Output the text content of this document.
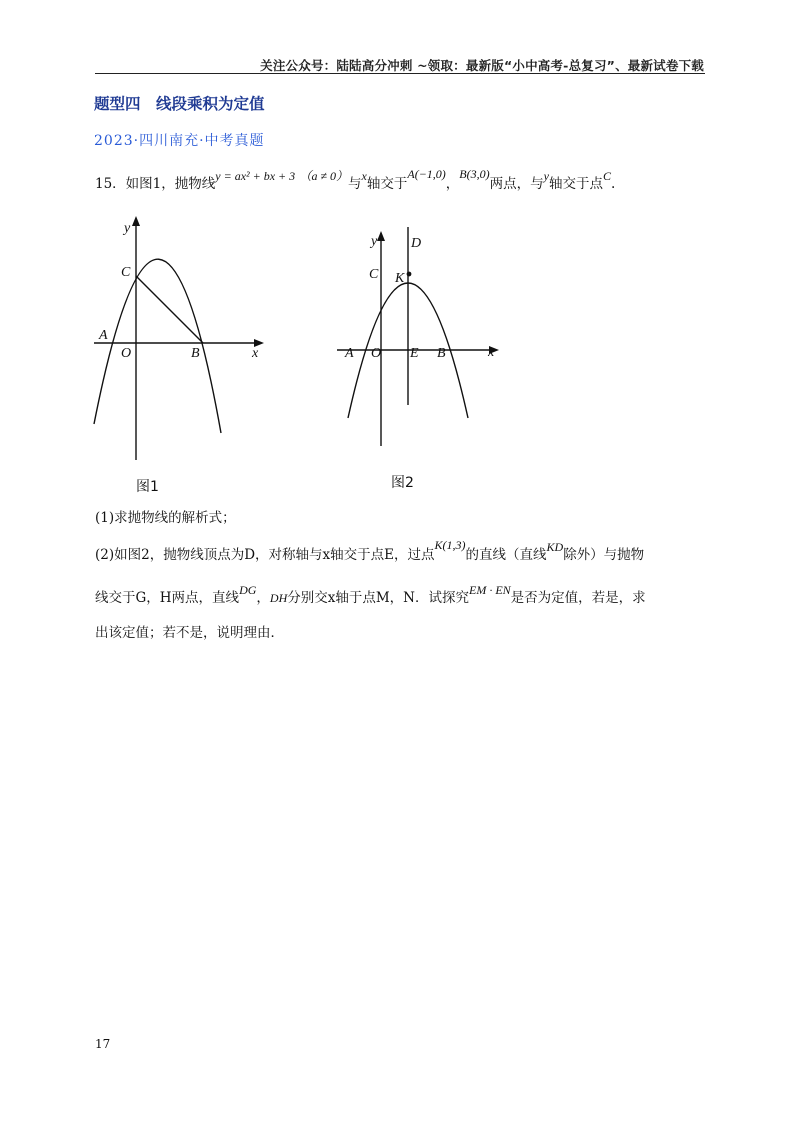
关注公众号：陆陆高分冲刺 ~领取：最新版“小中高考-总复习”、最新试卷下载
题型四　线段乘积为定值
2023·四川南充·中考真题
15．如图1，抛物线y = ax² + bx + 3 （a ≠ 0）与x轴交于A(−1,0)，B(3,0)两点，与y轴交于点C.
y
x
C
A
O	B
图1
y
x
D
C K
A O E B
图2
(1)求抛物线的解析式；
(2)如图2，抛物线顶点为D，对称轴与x轴交于点E，过点K(1,3)的直线（直线KD除外）与抛物
线交于G，H两点，直线DG，DH分别交x轴于点M，N．试探究EM · EN是否为定值，若是，求
出该定值；若不是，说明理由．
17
